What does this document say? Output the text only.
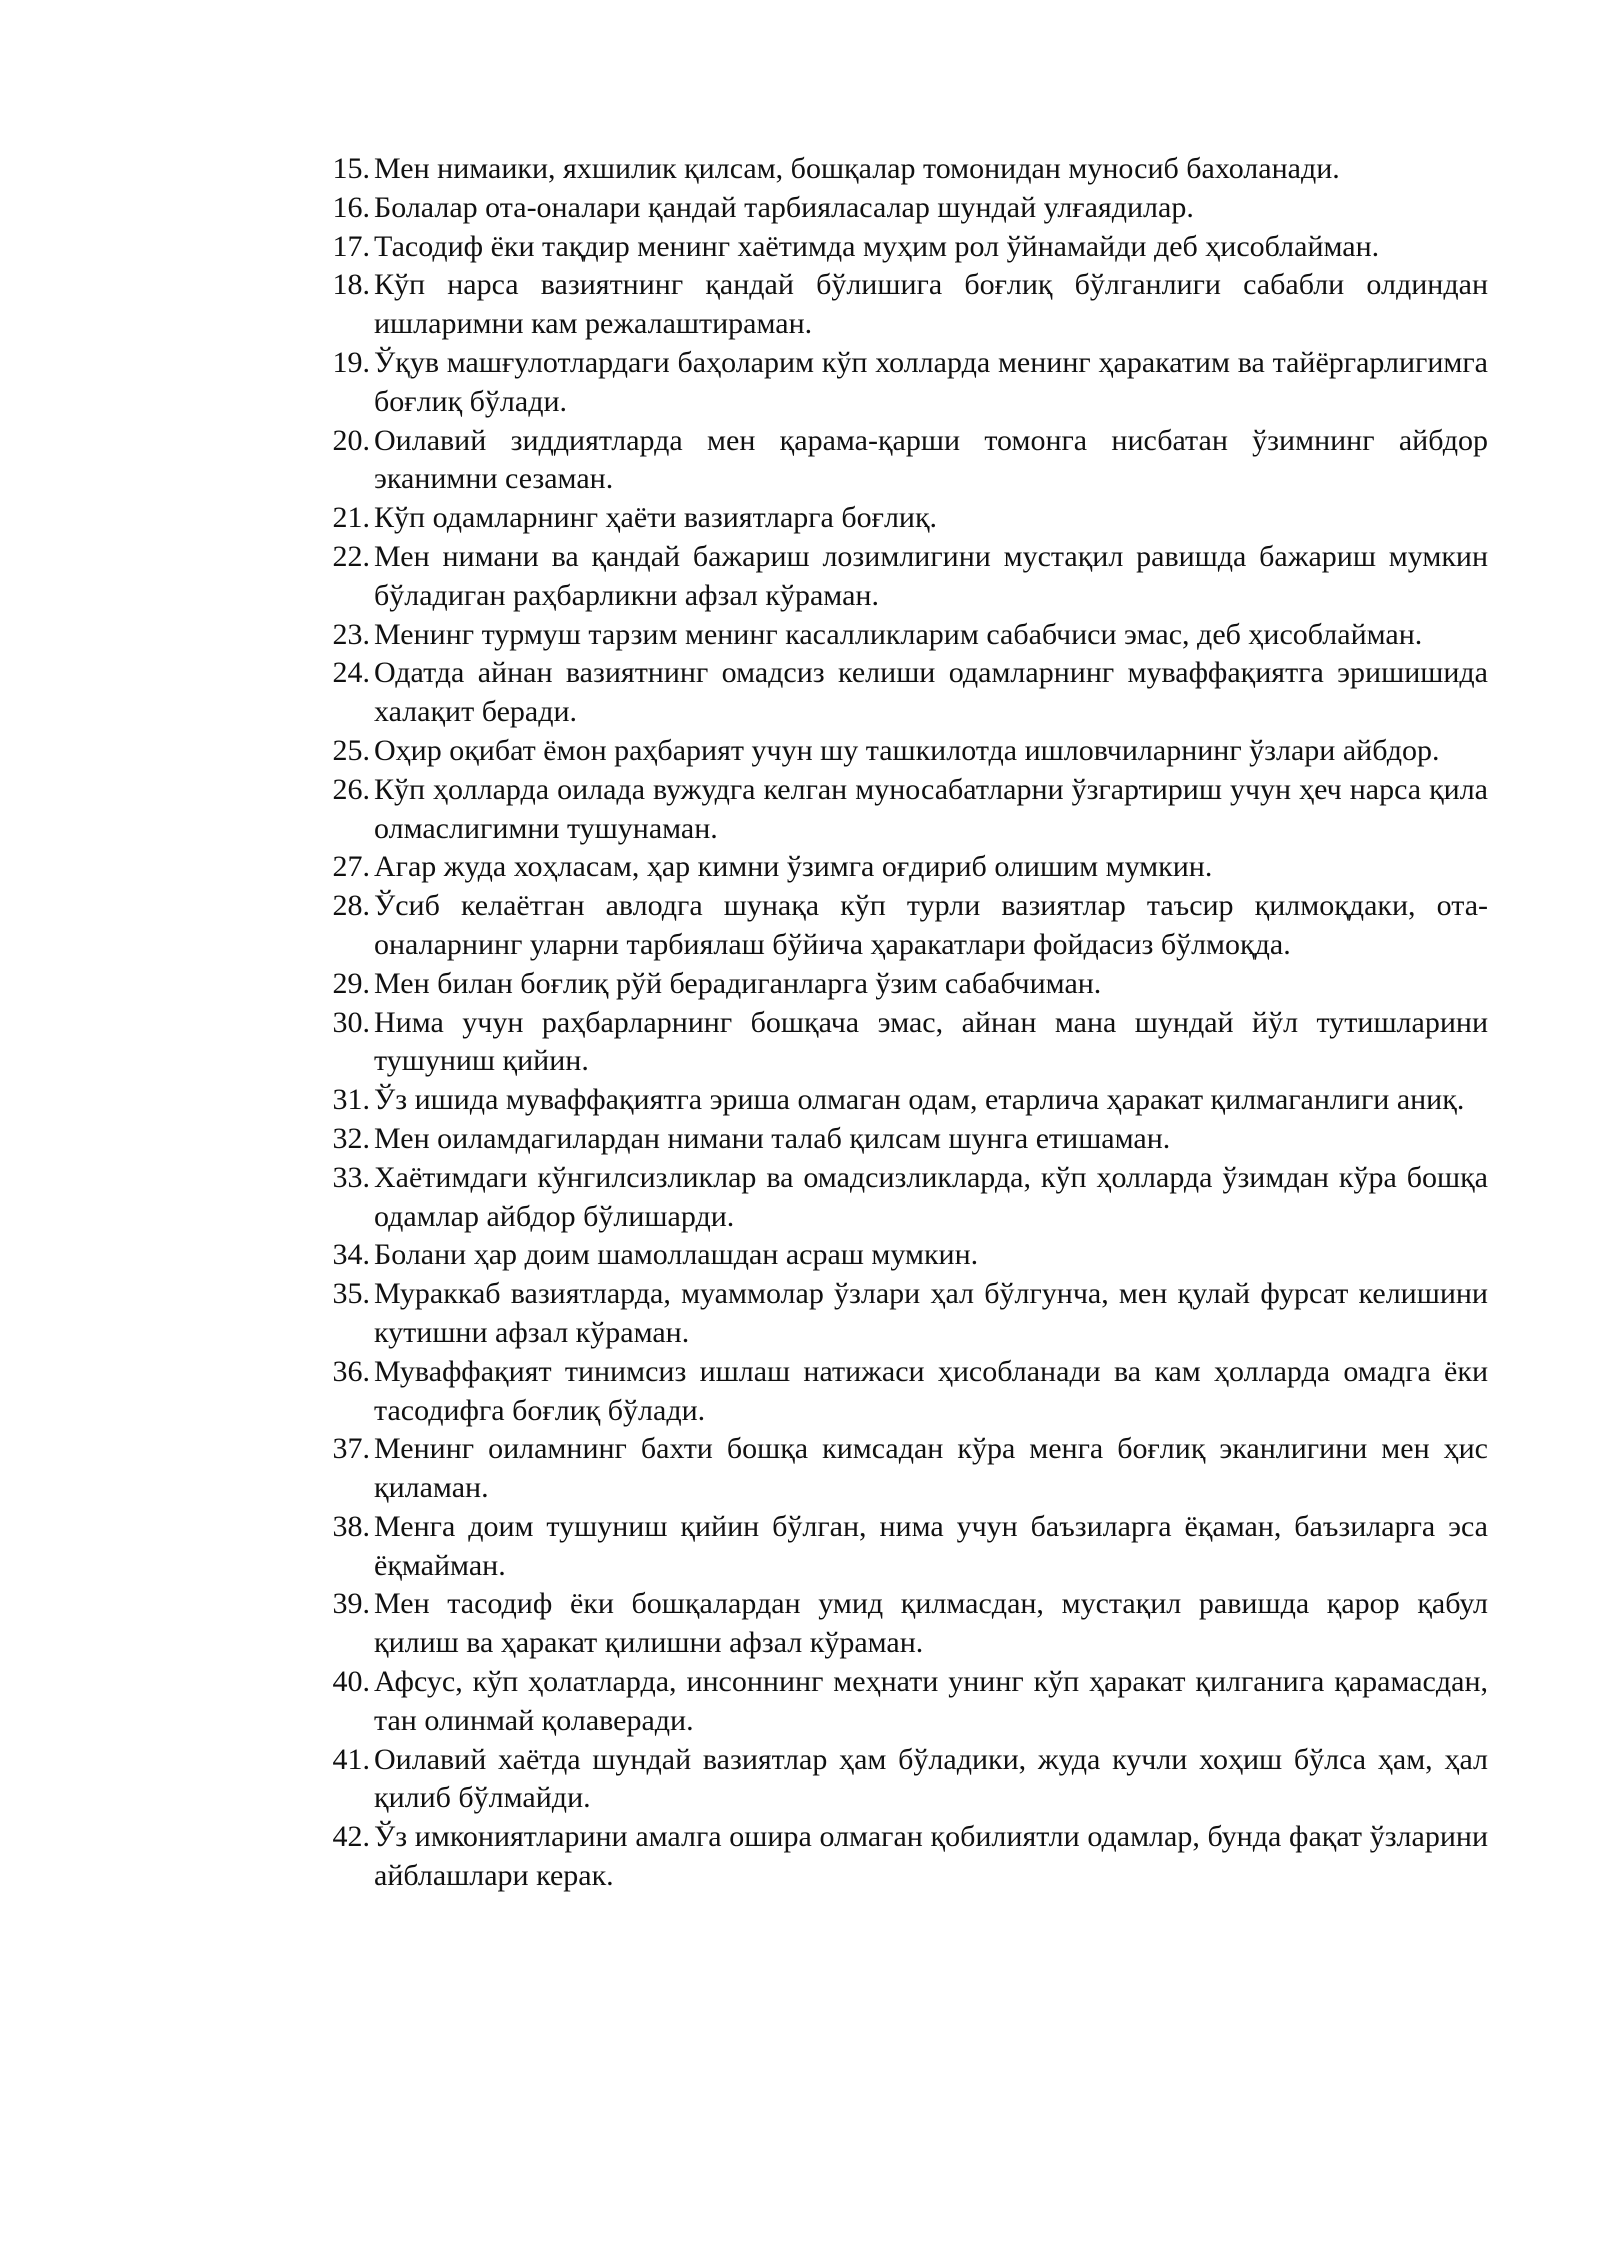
15. Мен нимаики, яхшилик қилсам, бошқалар томонидан муносиб бахоланади.
16. Болалар ота-оналари қандай тарбияласалар шундай улғаядилар.
17. Тасодиф ёки тақдир менинг хаётимда муҳим рол ўйнамайди деб ҳисоблайман.
18. Кўп нарса вазиятнинг қандай бўлишига боғлиқ бўлганлиги сабабли олдиндан ишларимни кам режалаштираман.
19. Ўқув машғулотлардаги баҳоларим кўп холларда менинг ҳаракатим ва тайёргарлигимга боғлиқ бўлади.
20. Оилавий зиддиятларда мен қарама-қарши томонга нисбатан ўзимнинг айбдор эканимни сезаман.
21. Кўп одамларнинг ҳаёти вазиятларга боғлиқ.
22. Мен нимани ва қандай бажариш лозимлигини мустақил равишда бажариш мумкин бўладиган раҳбарликни афзал кўраман.
23. Менинг турмуш тарзим менинг касалликларим сабабчиси эмас, деб ҳисоблайман.
24. Одатда айнан вазиятнинг омадсиз келиши одамларнинг муваффақиятга эришишида халақит беради.
25. Оҳир оқибат ёмон раҳбарият учун шу ташкилотда ишловчиларнинг ўзлари айбдор.
26. Кўп ҳолларда оилада вужудга келган муносабатларни ўзгартириш учун ҳеч нарса қила олмаслигимни тушунаман.
27. Агар жуда хоҳласам, ҳар кимни ўзимга оғдириб олишим мумкин.
28. Ўсиб келаётган авлодга шунақа кўп турли вазиятлар таъсир қилмоқдаки, ота-оналарнинг уларни тарбиялаш бўйича ҳаракатлари фойдасиз бўлмоқда.
29. Мен билан боғлиқ рўй берадиганларга ўзим сабабчиман.
30. Нима учун раҳбарларнинг бошқача эмас, айнан мана шундай йўл тутишларини тушуниш қийин.
31. Ўз ишида муваффақиятга эриша олмаган одам, етарлича ҳаракат қилмаганлиги аниқ.
32. Мен оиламдагилардан нимани талаб қилсам шунга етишаман.
33. Хаётимдаги кўнгилсизликлар ва омадсизликларда, кўп ҳолларда ўзимдан кўра бошқа одамлар айбдор бўлишарди.
34. Болани ҳар доим шамоллашдан асраш мумкин.
35. Мураккаб вазиятларда, муаммолар ўзлари ҳал бўлгунча, мен қулай фурсат келишини кутишни афзал кўраман.
36. Муваффақият тинимсиз ишлаш натижаси ҳисобланади ва кам ҳолларда омадга ёки тасодифга боғлиқ бўлади.
37. Менинг оиламнинг бахти бошқа кимсадан кўра менга боғлиқ эканлигини мен ҳис қиламан.
38. Менга доим тушуниш қийин бўлган, нима учун баъзиларга ёқаман, баъзиларга эса ёқмайман.
39. Мен тасодиф ёки бошқалардан умид қилмасдан, мустақил равишда қарор қабул қилиш ва ҳаракат қилишни афзал кўраман.
40. Афсус, кўп ҳолатларда, инсоннинг меҳнати унинг кўп ҳаракат қилганига қарамасдан, тан олинмай қолаверади.
41. Оилавий хаётда шундай вазиятлар ҳам бўладики, жуда кучли хоҳиш бўлса ҳам, ҳал қилиб бўлмайди.
42. Ўз имкониятларини амалга ошира олмаган қобилиятли одамлар, бунда фақат ўзларини айблашлари керак.
